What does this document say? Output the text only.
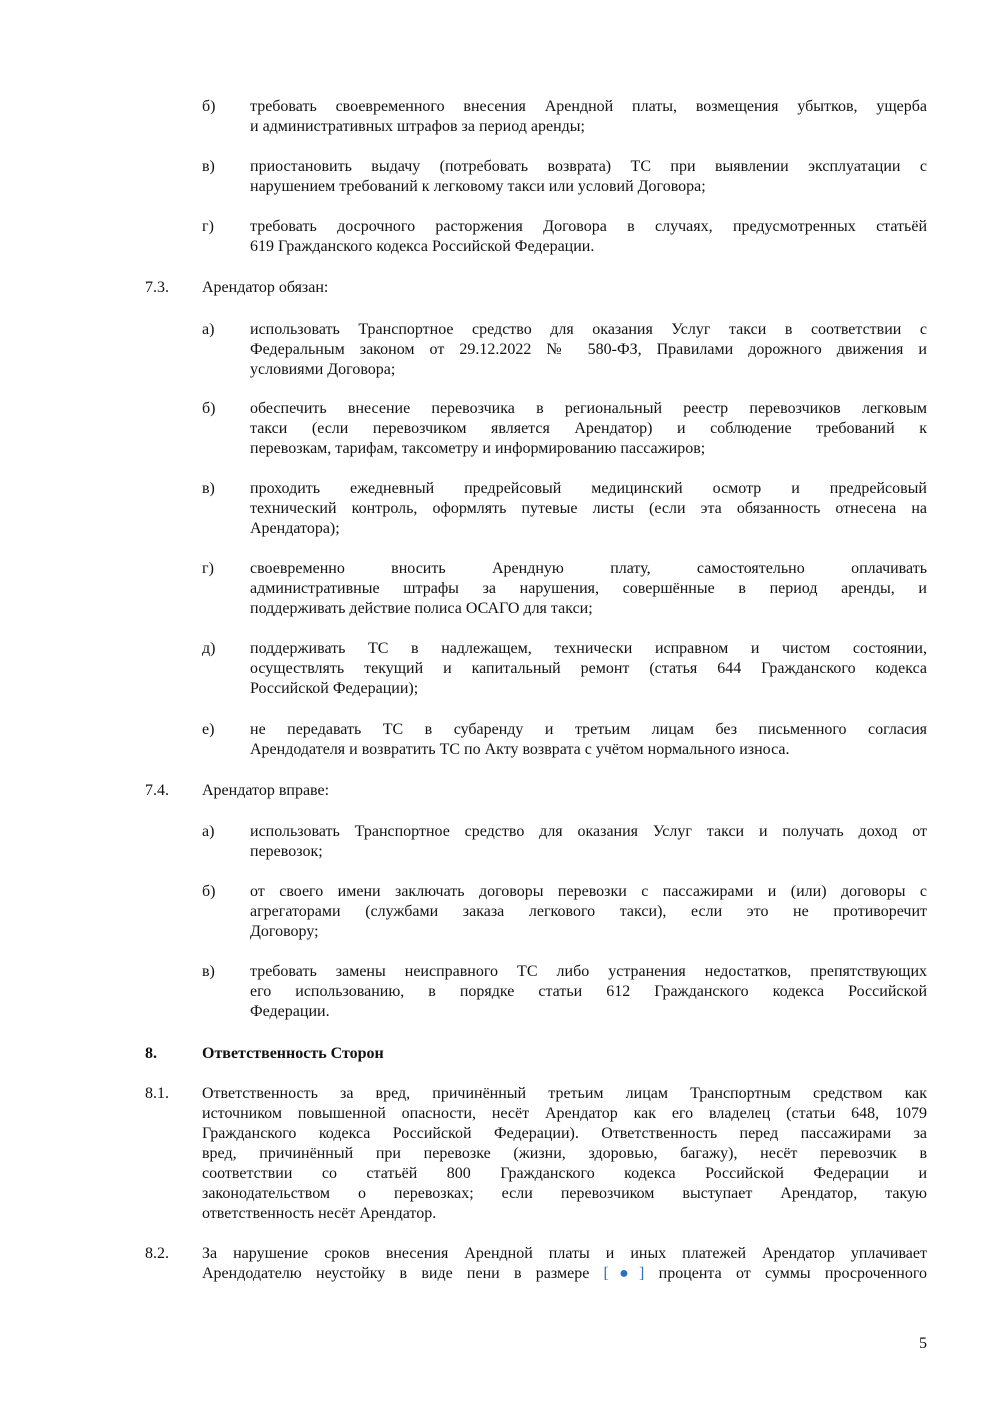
б) требовать своевременного внесения Арендной платы, возмещения убытков, ущерба
и административных штрафов за период аренды;
в) приостановить выдачу (потребовать возврата) ТС при выявлении эксплуатации с
нарушением требований к легковому такси или условий Договора;
г) требовать досрочного расторжения Договора в случаях, предусмотренных статьёй
619 Гражданского кодекса Российской Федерации.
7.3. Арендатор обязан:
а) использовать Транспортное средство для оказания Услуг такси в соответствии с
Федеральным законом от 29.12.2022 № 580-ФЗ, Правилами дорожного движения и
условиями Договора;
б) обеспечить внесение перевозчика в региональный реестр перевозчиков легковым
такси (если перевозчиком является Арендатор) и соблюдение требований к
перевозкам, тарифам, таксометру и информированию пассажиров;
в) проходить ежедневный предрейсовый медицинский осмотр и предрейсовый
технический контроль, оформлять путевые листы (если эта обязанность отнесена на
Арендатора);
г) своевременно вносить Арендную плату, самостоятельно оплачивать
административные штрафы за нарушения, совершённые в период аренды, и
поддерживать действие полиса ОСАГО для такси;
д) поддерживать ТС в надлежащем, технически исправном и чистом состоянии,
осуществлять текущий и капитальный ремонт (статья 644 Гражданского кодекса
Российской Федерации);
е) не передавать ТС в субаренду и третьим лицам без письменного согласия
Арендодателя и возвратить ТС по Акту возврата с учётом нормального износа.
7.4. Арендатор вправе:
а) использовать Транспортное средство для оказания Услуг такси и получать доход от
перевозок;
б) от своего имени заключать договоры перевозки с пассажирами и (или) договоры с
агрегаторами (службами заказа легкового такси), если это не противоречит
Договору;
в) требовать замены неисправного ТС либо устранения недостатков, препятствующих
его использованию, в порядке статьи 612 Гражданского кодекса Российской
Федерации.
8.	Ответственность Сторон
8.1. Ответственность за вред, причинённый третьим лицам Транспортным средством как
источником повышенной опасности, несёт Арендатор как его владелец (статьи 648, 1079
Гражданского кодекса Российской Федерации). Ответственность перед пассажирами за
вред, причинённый при перевозке (жизни, здоровью, багажу), несёт перевозчик в
соответствии со статьёй 800 Гражданского кодекса Российской Федерации и
законодательством о перевозках; если перевозчиком выступает Арендатор, такую
ответственность несёт Арендатор.
8.2. За нарушение сроков внесения Арендной платы и иных платежей Арендатор уплачивает
Арендодателю неустойку в виде пени в размере [●] процента от суммы просроченного
5
